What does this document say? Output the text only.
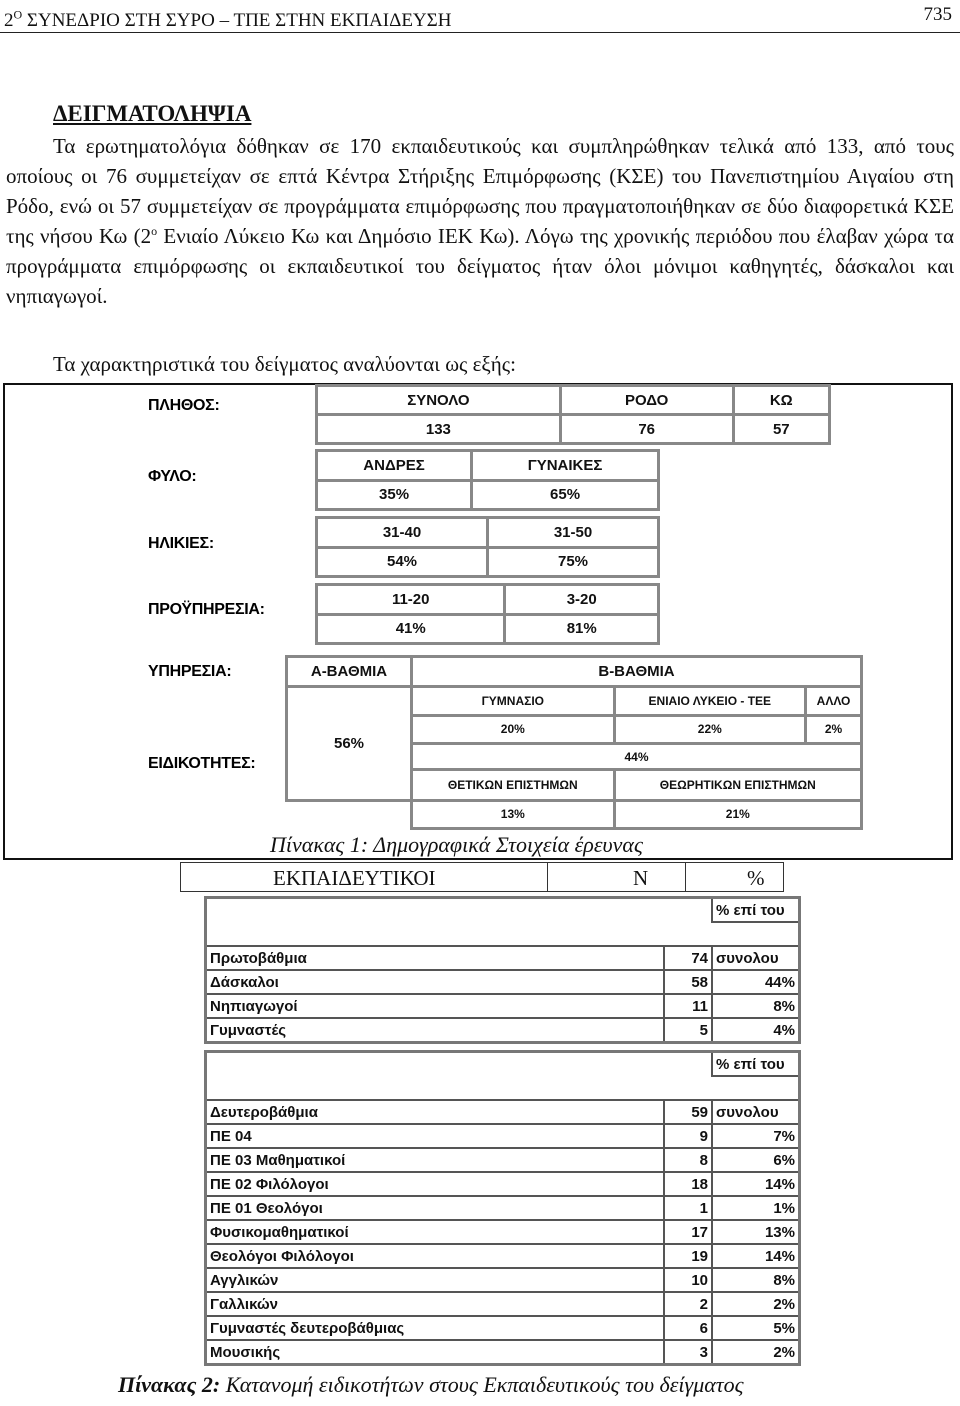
$2^O$ ΣΥΝΕΔΡΙΟ ΣΤΗ ΣΥΡΟ – ΤΠΕ ΣΤΗΝ ΕΚΠΑΙΔΕΥΣΗ	735
ΔΕΙΓΜΑΤΟΛΗΨΙΑ
Τα ερωτηματολόγια δόθηκαν σε 170 εκπαιδευτικούς και συμπληρώθηκαν τελικά από 133, από τους οποίους οι 76 συμμετείχαν σε επτά Κέντρα Στήριξης Επιμόρφωσης (ΚΣΕ) του Πανεπιστημίου Αιγαίου στη Ρόδο, ενώ οι 57 συμμετείχαν σε προγράμματα επιμόρφωσης που πραγματοποιήθηκαν σε δύο διαφορετικά ΚΣΕ της νήσου Κω ($2^o$ Ενιαίο Λύκειο Κω και Δημόσιο ΙΕΚ Κω). Λόγω της χρονικής περιόδου που έλαβαν χώρα τα προγράμματα επιμόρφωσης οι εκπαιδευτικοί του δείγματος ήταν όλοι μόνιμοι καθηγητές, δάσκαλοι και νηπιαγωγοί.
Τα χαρακτηριστικά του δείγματος αναλύονται ως εξής:
ΠΛΗΘΟΣ:
ΦΥΛΟ:
ΗΛΙΚΙΕΣ:
ΠΡΟΫΠΗΡΕΣΙΑ:
ΥΠΗΡΕΣΙΑ:
ΕΙΔΙΚΟΤΗΤΕΣ:
ΣΥΝΟΛΟ	ΡΟΔΟ	ΚΩ
133	76	57
ΑΝΔΡΕΣ	ΓΥΝΑΙΚΕΣ
35%	65%
31-40	31-50
54%	75%
11-20	3-20
41%	81%
Α-ΒΑΘΜΙΑ	Β-ΒΑΘΜΙΑ		
56%	ΓΥΜΝΑΣΙΟ	ΕΝΙΑΙΟ ΛΥΚΕΙΟ - ΤΕΕ	ΑΛΛΟ
	20%	22%	2%
	44%		
	ΘΕΤΙΚΩΝ ΕΠΙΣΤΗΜΩΝ	ΘΕΩΡΗΤΙΚΩΝ ΕΠΙΣΤΗΜΩΝ	
	13%	21%	
Πίνακας 1: Δημογραφικά Στοιχεία έρευνας
ΕΚΠΑΙΔΕΥΤΙΚΟΙ	Ν	%
		% επί του

Πρωτοβάθμια	74	συνολου
Δάσκαλοι	58	44%
Νηπιαγωγοί	11	8%
Γυμναστές	5	4%
		% επί του

Δευτεροβάθμια	59	συνολου
ΠΕ 04	9	7%
ΠΕ 03 Μαθηματικοί	8	6%
ΠΕ 02 Φιλόλογοι	18	14%
ΠΕ 01 Θεολόγοι	1	1%
Φυσικομαθηματικοί	17	13%
Θεολόγοι Φιλόλογοι	19	14%
Αγγλικών	10	8%
Γαλλικών	2	2%
Γυμναστές δευτεροβάθμιας	6	5%
Μουσικής	3	2%
Πίνακας 2: Κατανομή ειδικοτήτων στους Εκπαιδευτικούς του δείγματος
